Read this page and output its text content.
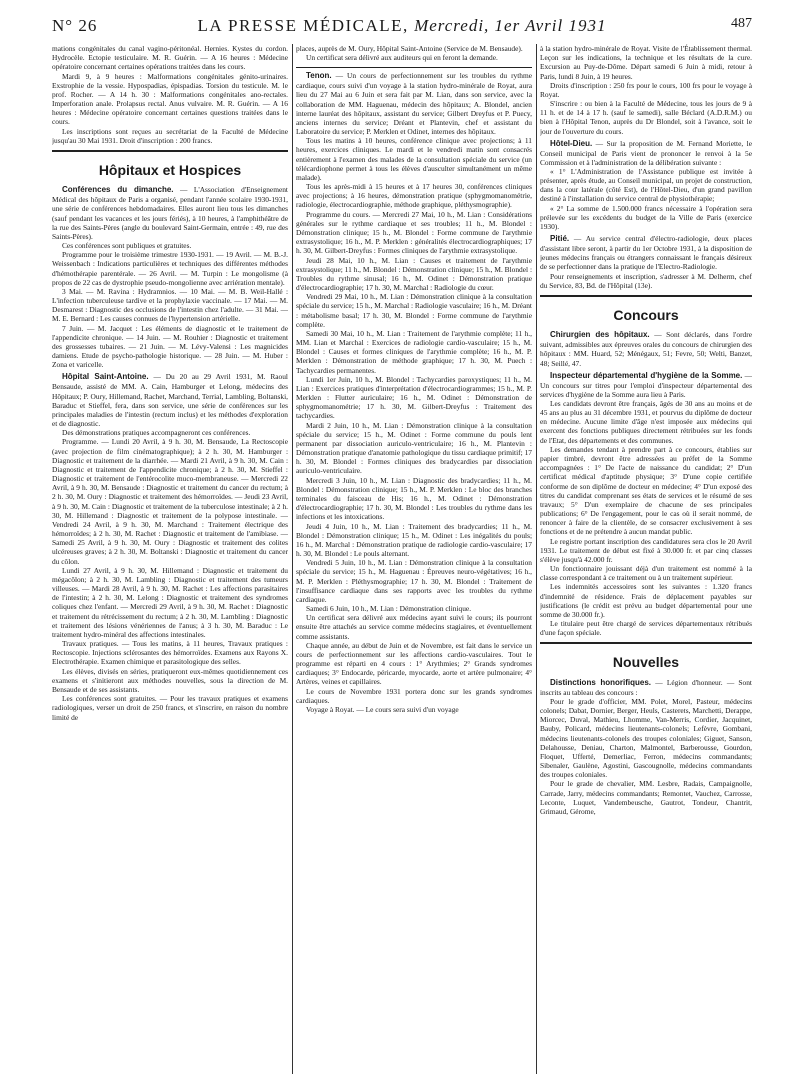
N° 26	LA PRESSE MÉDICALE, Mercredi, 1er Avril 1931	487

mations congénitales du canal vagino-péritonéal. Hernies. Kystes du cordon. Hydrocèle. Ectopie testiculaire. M. R. Guérin. — A 16 heures : Médecine opératoire concernant certaines opérations traitées dans les cours.

Mardi 9, à 9 heures : Malformations congénitales génito-urinaires. Exstrophie de la vessie. Hypospadias, épispadias. Torsion du testicule. M. le prof. Rocher. — A 14 h. 30 : Malformations congénitales ano-rectales. Imperforation anale. Prolapsus rectal. Anus vulvaire. M. R. Guérin. — A 16 heures : Médecine opératoire concernant certaines questions traitées dans le cours.

Les inscriptions sont reçues au secrétariat de la Faculté de Médecine jusqu'au 30 Mai 1931. Droit d'inscription : 200 francs.

Hôpitaux et Hospices

Conférences du dimanche. — L'Association d'Enseignement Médical des hôpitaux de Paris a organisé, pendant l'année scolaire 1930-1931, une série de conférences hebdomadaires. Elles auront lieu tous les dimanches (sauf pendant les vacances et les jours fériés), à 10 heures, à l'amphithéâtre de la rue des Saints-Pères (angle du boulevard Saint-Germain, entrée : 49, rue des Saints-Pères).

Ces conférences sont publiques et gratuites.

Programme pour le troisième trimestre 1930-1931. — 19 Avril. — M. B.-J. Weissenbach : Indications particulières et techniques des différentes méthodes d'hémothérapie parentérale. — 26 Avril. — M. Turpin : Le mongolisme (à propos de 22 cas de dystrophie pseudo-mongolienne avec arriération mentale).

3 Mai. — M. Ravina : Hydramnios. — 10 Mai. — M. B. Weil-Hallé : L'infection tuberculeuse tardive et la prophylaxie vaccinale. — 17 Mai. — M. Desmarest : Diagnostic des occlusions de l'intestin chez l'adulte. — 31 Mai. — M. E. Bernard : Les causes connues de l'hypertension artérielle.

7 Juin. — M. Jacquet : Les éléments de diagnostic et le traitement de l'appendicite chronique. — 14 Juin. — M. Rouhier : Diagnostic et traitement des grossesses tubaires. — 21 Juin. — M. Lévy-Valensi : Les magnicides damiens. Etude de psycho-pathologie historique. — 28 Juin. — M. Huber : Zona et varicelle.

Hôpital Saint-Antoine. — Du 20 au 29 Avril 1931, M. Raoul Bensaude, assisté de MM. A. Cain, Hamburger et Lelong, médecins des Hôpitaux; P. Oury, Hillemand, Rachet, Marchand, Terrial, Lambling, Boltanski, Baraduc et Stieffel, fera, dans son service, une série de conférences sur les principales maladies de l'intestin (rectum inclus) et les méthodes d'exploration et de diagnostic.

Des démonstrations pratiques accompagneront ces conférences.

Programme. — Lundi 20 Avril, à 9 h. 30, M. Bensaude, La Rectoscopie (avec projection de film cinématographique); à 2 h. 30, M. Hamburger : Diagnostic et traitement de la diarrhée. — Mardi 21 Avril, à 9 h. 30, M. Cain : Diagnostic et traitement de l'appendicite chronique; à 2 h. 30, M. Stieffel : Diagnostic et traitement de l'entérocolite muco-membraneuse. — Mercredi 22 Avril, à 9 h. 30, M. Bensaude : Diagnostic et traitement du cancer du rectum; à 2 h. 30, M. Oury : Diagnostic et traitement des hémorroïdes. — Jeudi 23 Avril, à 9 h. 30, M. Cain : Diagnostic et traitement de la tuberculose intestinale; à 2 h. 30, M. Hillemand : Diagnostic et traitement de la polypose intestinale. — Vendredi 24 Avril, à 9 h. 30, M. Marchand : Traitement électrique des hémorroïdes; à 2 h. 30, M. Rachet : Diagnostic et traitement de l'amibiase. — Samedi 25 Avril, à 9 h. 30, M. Oury : Diagnostic et traitement des colites ulcéreuses graves; à 2 h. 30, M. Boltanski : Diagnostic et traitement du cancer du côlon.

Lundi 27 Avril, à 9 h. 30, M. Hillemand : Diagnostic et traitement du mégacôlon; à 2 h. 30, M. Lambling : Diagnostic et traitement des tumeurs villeuses. — Mardi 28 Avril, à 9 h. 30, M. Rachet : Les affections parasitaires de l'intestin; à 2 h. 30, M. Lelong : Diagnostic et traitement des syndromes coliques chez l'enfant. — Mercredi 29 Avril, à 9 h. 30, M. Rachet : Diagnostic et traitement du rétrécissement du rectum; à 2 h. 30, M. Lambling : Diagnostic et traitement des lésions vénériennes de l'anus; à 3 h. 30, M. Baraduc : Le traitement hydro-minéral des affections intestinales.

Travaux pratiques. — Tous les matins, à 11 heures, Travaux pratiques : Rectoscopie. Injections sclérosantes des hémorroïdes. Examens aux Rayons X. Electrothérapie. Examen chimique et parasitologique des selles.

Les élèves, divisés en séries, pratiqueront eux-mêmes quotidiennement ces examens et s'initieront aux méthodes nouvelles, sous la direction de M. Bensaude et de ses assistants.

Les conférences sont gratuites. — Pour les travaux pratiques et examens radiologiques, verser un droit de 250 francs, et s'inscrire, en raison du nombre limité de

places, auprès de M. Oury, Hôpital Saint-Antoine (Service de M. Bensaude).

Un certificat sera délivré aux auditeurs qui en feront la demande.

Tenon. — Un cours de perfectionnement sur les troubles du rythme cardiaque, cours suivi d'un voyage à la station hydro-minérale de Royat, aura lieu du 27 Mai au 6 Juin et sera fait par M. Lian, dans son service, avec la collaboration de MM. Haguenau, médecin des hôpitaux; A. Blondel, ancien interne lauréat des hôpitaux, assistant du service; Gilbert Dreyfus et P. Puecy, anciens internes du service; Dréant et Plantevin, chef et assistant du Laboratoire du service; P. Merklen et Odinet, internes des hôpitaux.

Tous les matins à 10 heures, conférence clinique avec projections; à 11 heures, exercices cliniques. Le mardi et le vendredi matin sont consacrés entièrement à l'examen des malades de la consultation spéciale du service (un télécardiophone permet à tous les élèves d'ausculter simultanément un même malade).

Tous les après-midi à 15 heures et à 17 heures 30, conférences cliniques avec projections; à 16 heures, démonstration pratique (sphygmomanométrie, radiologie, électrocardiographie, méthode graphique, pléthysmographie).

Programme du cours. — Mercredi 27 Mai, 10 h., M. Lian : Considérations générales sur le rythme cardiaque et ses troubles; 11 h., M. Blondel : Démonstration clinique; 15 h., M. Blondel : Forme commune de l'arythmie extrasystolique; 16 h., M. P. Merklen : généralités électrocardiographiques; 17 h. 30, M. Gilbert-Dreyfus : Formes cliniques de l'arythmie extrasystolique.

Jeudi 28 Mai, 10 h., M. Lian : Causes et traitement de l'arythmie extrasystolique; 11 h., M. Blondel : Démonstration clinique; 15 h., M. Blondel : Troubles du rythme sinusal; 16 h., M. Odinet : Démonstration pratique d'électrocardiographie; 17 h. 30, M. Marchal : Radiologie du cœur.

Vendredi 29 Mai, 10 h., M. Lian : Démonstration clinique à la consultation spéciale du service; 15 h., M. Marchal : Radiologie vasculaire; 16 h., M. Dréant : métabolisme basal; 17 h. 30, M. Blondel : Forme commune de l'arythmie complète.

Samedi 30 Mai, 10 h., M. Lian : Traitement de l'arythmie complète; 11 h., MM. Lian et Marchal : Exercices de radiologie cardio-vasculaire; 15 h., M. Blondel : Causes et formes cliniques de l'arythmie complète; 16 h., M. P. Merklen : Démonstration de méthode graphique; 17 h. 30, M. Puech : Tachycardies permanentes.

Lundi 1er Juin, 10 h., M. Blondel : Tachycardies paroxystiques; 11 h., M. Lian : Exercices pratiques d'interprétation d'électrocardiogrammes; 15 h., M. P. Merklen : Flutter auriculaire; 16 h., M. Odinet : Démonstration de sphygmomanométrie; 17 h. 30, M. Gilbert-Dreyfus : Traitement des tachycardies.

Mardi 2 Juin, 10 h., M. Lian : Démonstration clinique à la consultation spéciale du service; 15 h., M. Odinet : Forme commune du pouls lent permanent par dissociation auriculo-ventriculaire; 16 h., M. Plantevin : Démonstration pratique d'anatomie pathologique du tissu cardiaque primitif; 17 h. 30, M. Blondel : Formes cliniques des bradycardies par dissociation auriculo-ventriculaire.

Mercredi 3 Juin, 10 h., M. Lian : Diagnostic des bradycardies; 11 h., M. Blondel : Démonstration clinique; 15 h., M. P. Merklen : Le bloc des branches terminales du faisceau de His; 16 h., M. Odinet : Démonstration d'électrocardiographie; 17 h. 30, M. Blondel : Les troubles du rythme dans les infections et les intoxications.

Jeudi 4 Juin, 10 h., M. Lian : Traitement des bradycardies; 11 h., M. Blondel : Démonstration clinique; 15 h., M. Odinet : Les inégalités du pouls; 16 h., M. Marchal : Démonstration pratique de radiologie cardio-vasculaire; 17 h. 30, M. Blondel : Le pouls alternant.

Vendredi 5 Juin, 10 h., M. Lian : Démonstration clinique à la consultation spéciale du service; 15 h., M. Haguenau : Épreuves neuro-végétatives; 16 h., M. P. Merklen : Pléthysmographie; 17 h. 30, M. Blondel : Traitement de l'insuffisance cardiaque dans ses rapports avec les troubles du rythme cardiaque.

Samedi 6 Juin, 10 h., M. Lian : Démonstration clinique.

Un certificat sera délivré aux médecins ayant suivi le cours; ils pourront ensuite être attachés au service comme médecins stagiaires, et éventuellement comme assistants.

Chaque année, au début de Juin et de Novembre, est fait dans le service un cours de perfectionnement sur les affections cardio-vasculaires. Tout le programme est réparti en 4 cours : 1° Arythmies; 2° Grands syndromes cardiaques; 3° Endocarde, péricarde, myocarde, aorte et artère pulmonaire; 4° Artères, veines et capillaires.

Le cours de Novembre 1931 portera donc sur les grands syndromes cardiaques.

Voyage à Royat. — Le cours sera suivi d'un voyage

à la station hydro-minérale de Royat. Visite de l'Établissement thermal. Leçon sur les indications, la technique et les résultats de la cure. Excursion au Puy-de-Dôme. Départ samedi 6 Juin à midi, retour à Paris, lundi 8 Juin, à 19 heures.

Droits d'inscription : 250 frs pour le cours, 100 frs pour le voyage à Royat.

S'inscrire : ou bien à la Faculté de Médecine, tous les jours de 9 à 11 h. et de 14 à 17 h. (sauf le samedi), salle Béclard (A.D.R.M.) ou bien à l'Hôpital Tenon, auprès du Dr Blondel, soit à l'avance, soit le jour de l'ouverture du cours.

Hôtel-Dieu. — Sur la proposition de M. Fernand Moriette, le Conseil municipal de Paris vient de prononcer le renvoi à la 5e Commission et à l'administration de la délibération suivante :

« 1° L'Administration de l'Assistance publique est invitée à présenter, après étude, au Conseil municipal, un projet de construction, dans la cour latérale (côté Est), de l'Hôtel-Dieu, d'un grand pavillon destiné à l'installation du service central de physiothérapie;

« 2° La somme de 1.500.000 francs nécessaire à l'opération sera prélevée sur les excédents du budget de la Ville de Paris (exercice 1930).

Pitié. — Au service central d'électro-radiologie, deux places d'assistant libre seront, à partir du 1er Octobre 1931, à la disposition de jeunes médecins français ou étrangers connaissant le français désireux de se perfectionner dans la pratique de l'Electro-Radiologie.

Pour renseignements et inscription, s'adresser à M. Delherm, chef du Service, 83, Bd. de l'Hôpital (13e).

Concours

Chirurgien des hôpitaux. — Sont déclarés, dans l'ordre suivant, admissibles aux épreuves orales du concours de chirurgien des hôpitaux : MM. Huard, 52; Ménégaux, 51; Fevre, 50; Welti, Banzet, 48; Seillé, 47.

Inspecteur départemental d'hygiène de la Somme. — Un concours sur titres pour l'emploi d'inspecteur départemental des services d'hygiène de la Somme aura lieu à Paris.

Les candidats devront être français, âgés de 30 ans au moins et de 45 ans au plus au 31 décembre 1931, et pourvus du diplôme de docteur en médecine. Aucune limite d'âge n'est imposée aux médecins qui exercent des fonctions publiques directement rétribuées sur les fonds de l'Etat, des départements et des communes.

Les demandes tendant à prendre part à ce concours, établies sur papier timbré, devront être adressées au préfet de la Somme accompagnées : 1° De l'acte de naissance du candidat; 2° D'un certificat médical d'aptitude physique; 3° D'une copie certifiée conforme de son diplôme de docteur en médecine; 4° D'un exposé des titres du candidat comprenant ses états de services et le résumé de ses travaux; 5° D'un exemplaire de chacune de ses principales publications; 6° De l'engagement, pour le cas où il serait nommé, de renoncer à faire de la clientèle, de se consacrer exclusivement à ses fonctions et de ne prétendre à aucun mandat public.

Le registre portant inscription des candidatures sera clos le 20 Avril 1931. Le traitement de début est fixé à 30.000 fr. et par cinq classes s'élève jusqu'à 42.000 fr.

Un fonctionnaire jouissant déjà d'un traitement est nommé à la classe correspondant à ce traitement ou à un traitement supérieur.

Les indemnités accessoires sont les suivantes : 1.320 francs d'indemnité de résidence. Frais de déplacement payables sur justifications (le crédit est prévu au budget départemental pour une somme de 30.000 fr.).

Le titulaire peut être chargé de services départementaux rétribués d'une façon spéciale.

Nouvelles

Distinctions honorifiques. — Légion d'honneur. — Sont inscrits au tableau des concours :

Pour le grade d'officier, MM. Polet, Morel, Pasteur, médecins colonels; Dabat, Dornier, Berger, Heuls, Casterets, Marchetti, Derappe, Miorcec, Duval, Mathieu, Lhomme, Van-Merris, Cordier, Jacquinet, Bauby, Policard, médecins lieutenants-colonels; Lefèvre, Gombani, médecins lieutenants-colonels des troupes coloniales; Giguet, Sanson, Delahousse, Deniau, Charton, Malmontel, Barberousse, Gourdon, Floquet, Ufferté, Demerliac, Ferron, médecins commandants; Sibenaler, Gaulène, Agostini, Gascougnolle, médecins commandants des troupes coloniales.

Pour le grade de chevalier, MM. Lesbre, Radais, Campaignolle, Carrade, Jarry, médecins commandants; Remontet, Vauchez, Carrosse, Leconte, Luquet, Vandembeusche, Gautrot, Tondeur, Chantrit, Grimaud, Gérome,
